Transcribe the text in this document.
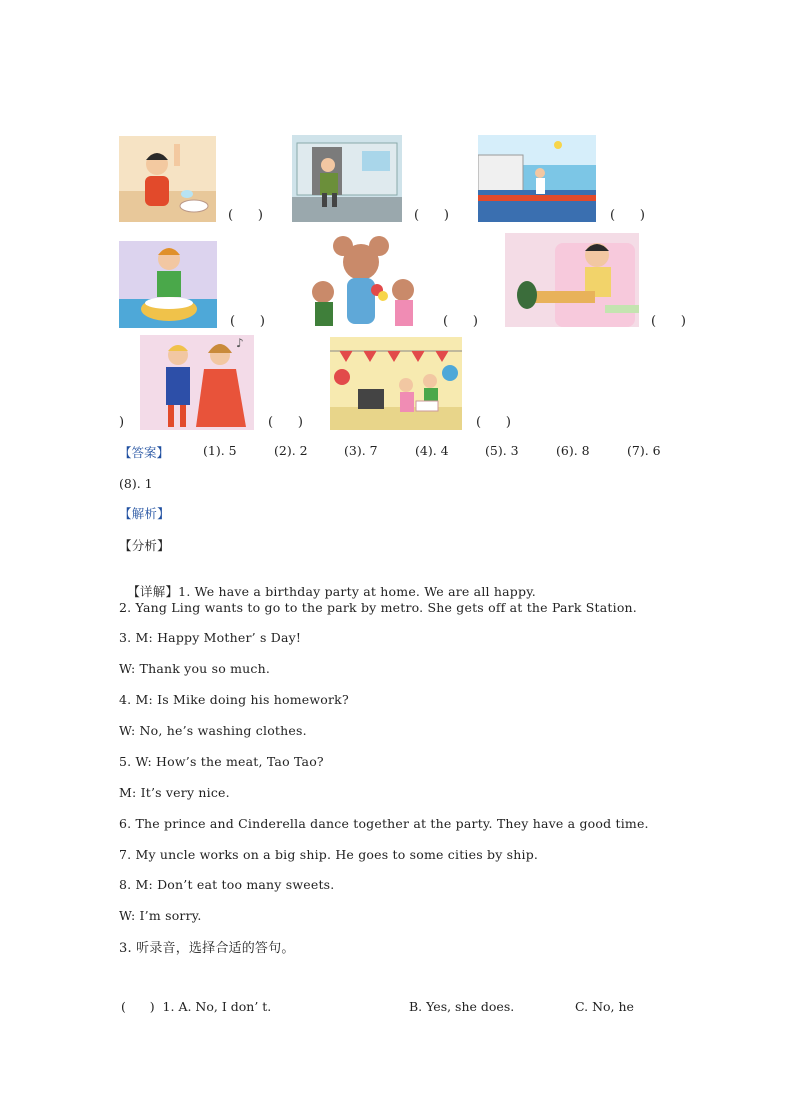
(      )	(      )	(      )
(      )	(      )	(      )
)
♪
(      )	(      )
【答案】	(1). 5	(2). 2	(3). 7	(4). 4	(5). 3	(6). 8	(7). 6
(8). 1
【解析】
【分析】

【详解】1. We have a birthday party at home. We are all happy.

2. Yang Ling wants to go to the park by metro. She gets off at the Park Station.
3. M: Happy Mother’ s Day!
W: Thank you so much.
4. M: Is Mike doing his homework?
W: No, he’s washing clothes.
5. W: How’s the meat, Tao Tao?
M: It’s very nice.
6. The prince and Cinderella dance together at the party. They have a good time.
7. My uncle works on a big ship. He goes to some cities by ship.
8. M: Don’t eat too many sweets.
W: I’m sorry.
3. 听录音，选择合适的答句。
(      )  1. A. No, I don’ t.	B. Yes, she does.	C. No, he
